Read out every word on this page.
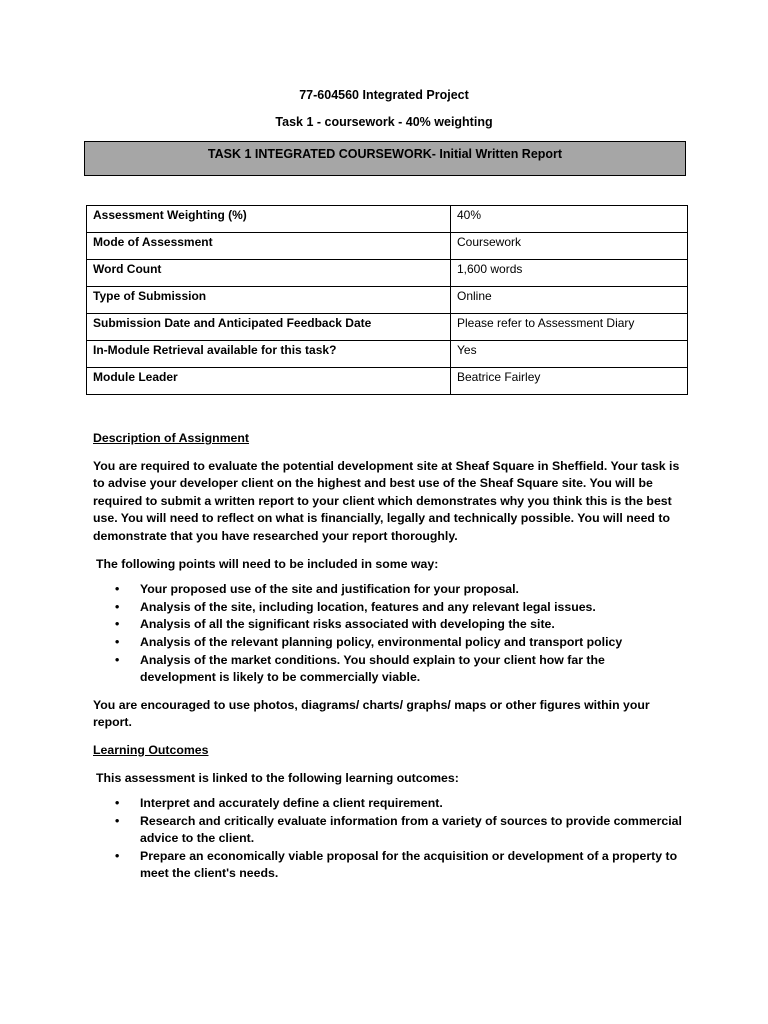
77-604560 Integrated Project
Task 1 - coursework - 40% weighting
TASK 1 INTEGRATED COURSEWORK- Initial Written Report
Assessment Weighting (%)	40%
Mode of Assessment	Coursework
Word Count	1,600 words
Type of Submission	Online
Submission Date and Anticipated Feedback Date	Please refer to Assessment Diary
In-Module Retrieval available for this task?	Yes
Module Leader	Beatrice Fairley

Description of Assignment

You are required to evaluate the potential development site at Sheaf Square in Sheffield. Your task is to advise your developer client on the highest and best use of the Sheaf Square site. You will be required to submit a written report to your client which demonstrates why you think this is the best use. You will need to reflect on what is financially, legally and technically possible. You will need to demonstrate that you have researched your report thoroughly.

The following points will need to be included in some way:

• Your proposed use of the site and justification for your proposal.
• Analysis of the site, including location, features and any relevant legal issues.
• Analysis of all the significant risks associated with developing the site.
• Analysis of the relevant planning policy, environmental policy and transport policy
• Analysis of the market conditions. You should explain to your client how far the development is likely to be commercially viable.

You are encouraged to use photos, diagrams/ charts/ graphs/ maps or other figures within your report.

Learning Outcomes

This assessment is linked to the following learning outcomes:

• Interpret and accurately define a client requirement.
• Research and critically evaluate information from a variety of sources to provide commercial advice to the client.
• Prepare an economically viable proposal for the acquisition or development of a property to meet the client's needs.
